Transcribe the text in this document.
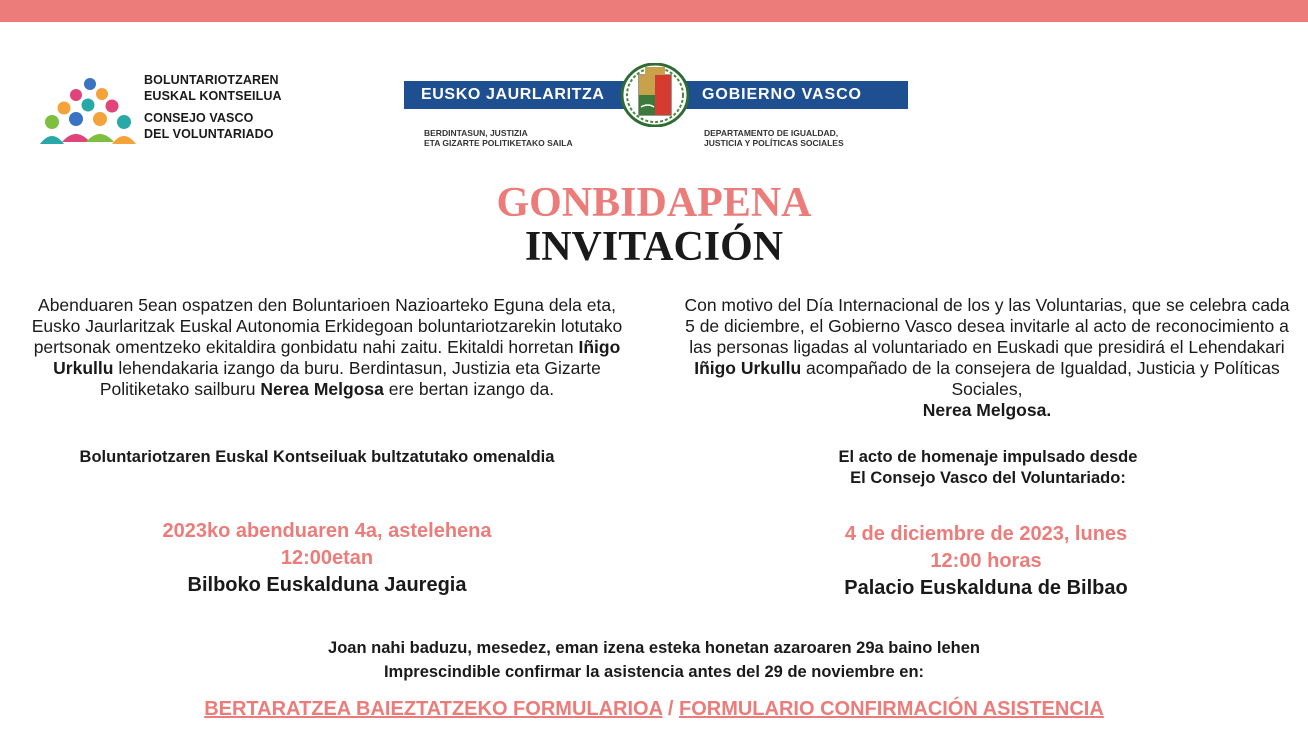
BOLUNTARIOTZAREN
EUSKAL KONTSEILUA
CONSEJO VASCO
DEL VOLUNTARIADO
EUSKO JAURLARITZA	GOBIERNO VASCO
BERDINTASUN, JUSTIZIA
ETA GIZARTE POLITIKETAKO SAILA
DEPARTAMENTO DE IGUALDAD,
JUSTICIA Y POLÍTICAS SOCIALES
GONBIDAPENA
INVITACIÓN

Abenduaren 5ean ospatzen den Boluntarioen Nazioarteko Eguna dela eta, Eusko Jaurlaritzak Euskal Autonomia Erkidegoan boluntariotzarekin lotutako pertsonak omentzeko ekitaldira gonbidatu nahi zaitu. Ekitaldi horretan Iñigo Urkullu lehendakaria izango da buru. Berdintasun, Justizia eta Gizarte Politiketako sailburu Nerea Melgosa ere bertan izango da.

Boluntariotzaren Euskal Kontseiluak bultzatutako omenaldia
2023ko abenduaren 4a, astelehena
12:00etan
Bilboko Euskalduna Jauregia

Con motivo del Día Internacional de los y las Voluntarias, que se celebra cada 5 de diciembre, el Gobierno Vasco desea invitarle al acto de reconocimiento a las personas ligadas al voluntariado en Euskadi que presidirá el Lehendakari Iñigo Urkullu acompañado de la consejera de Igualdad, Justicia y Políticas Sociales,
Nerea Melgosa.

El acto de homenaje impulsado desde
El Consejo Vasco del Voluntariado:
4 de diciembre de 2023, lunes
12:00 horas
Palacio Euskalduna de Bilbao
Joan nahi baduzu, mesedez, eman izena esteka honetan azaroaren 29a baino lehen
Imprescindible confirmar la asistencia antes del 29 de noviembre en:
BERTARATZEA BAIEZTATZEKO FORMULARIOA / FORMULARIO CONFIRMACIÓN ASISTENCIA
